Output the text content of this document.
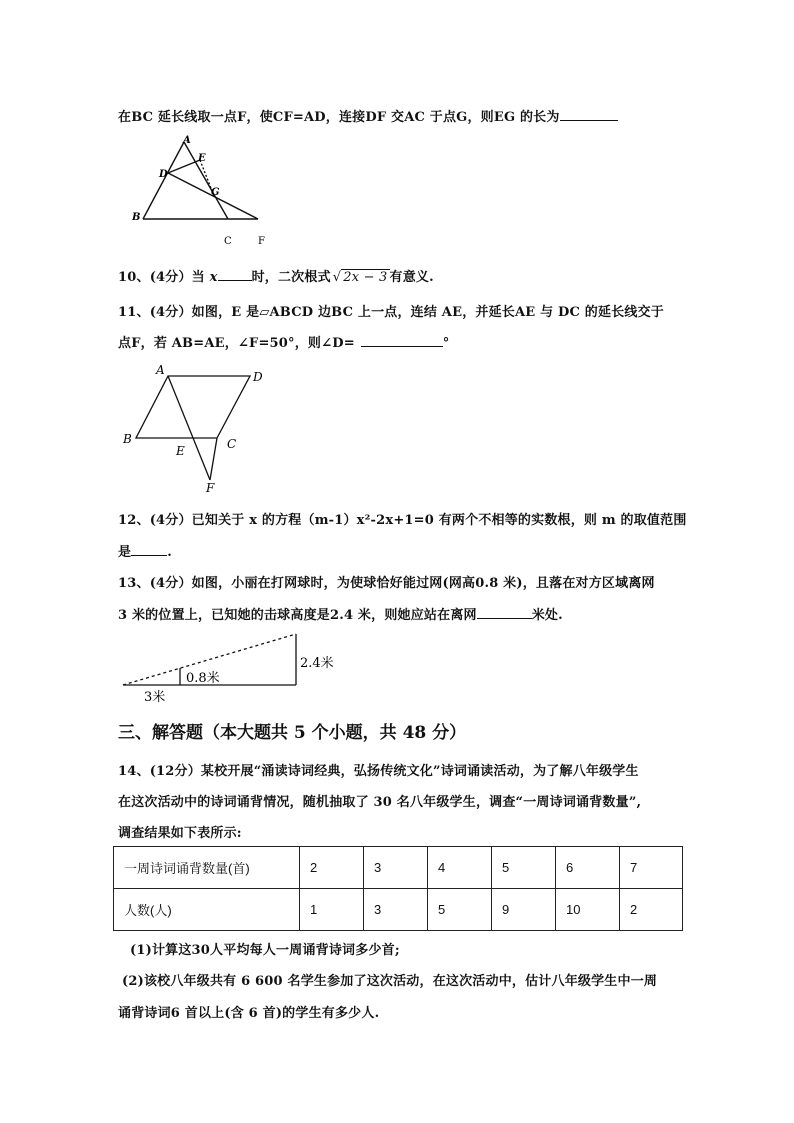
在BC 延长线取一点F，使CF=AD，连接DF 交AC 于点G，则EG 的长为
A
E
D
G
B
C	F
10、(4分）当 x	时，二次根式 √ 2x − 3 有意义.
11、(4分）如图，E 是▱ABCD 边BC 上一点，连结 AE，并延长AE 与 DC 的延长线交于
点F，若 AB=AE，∠F=50°，则∠D=	°
A	D
B
E	C
F
12、(4分）已知关于 x 的方程（m-1）x²-2x+1=0 有两个不相等的实数根，则 m 的取值范围
是	.
13、(4分）如图，小丽在打网球时，为使球恰好能过网(网高0.8 米)，且落在对方区域离网
3 米的位置上，已知她的击球高度是2.4 米，则她应站在离网	米处.
0.8米
2.4米
3米
三、解答题（本大题共 5 个小题，共 48 分）
14、(12分）某校开展“涌读诗词经典，弘扬传统文化”诗词诵读活动，为了解八年级学生
在这次活动中的诗词诵背情况，随机抽取了 30 名八年级学生，调查“一周诗词诵背数量”,
调查结果如下表所示:
一周诗词诵背数量(首)	2	3	4	5	6	7
人数(人)	1	3	5	9	10	2
(1)计算这30人平均每人一周诵背诗词多少首;
(2)该校八年级共有 6 600 名学生参加了这次活动，在这次活动中，估计八年级学生中一周
诵背诗词6 首以上(含 6 首)的学生有多少人.
